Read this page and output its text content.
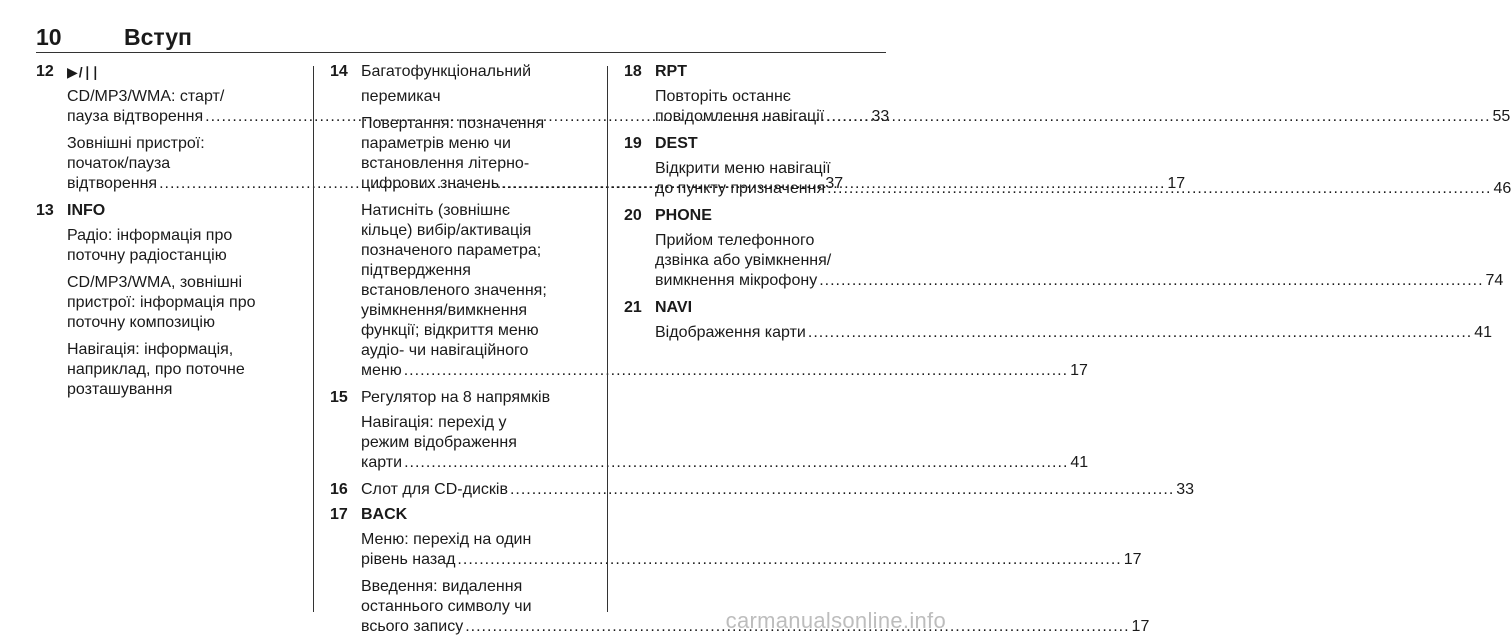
10	Вступ
12 ▶/∣∣
CD/MP3/WMA: старт/
пауза відтворення .....	33
Зовнішні пристрої:
початок/пауза
відтворення .....	37
13 INFO
Радіо: інформація про
поточну радіостанцію
CD/MP3/WMA, зовнішні
пристрої: інформація про
поточну композицію
Навігація: інформація,
наприклад, про поточне
розташування
14 Багатофункціональний
перемикач
Повертання: позначення
параметрів меню чи
встановлення літерно-
цифрових значень .....	17
Натисніть (зовнішнє
кільце) вибір/активація
позначеного параметра;
підтвердження
встановленого значення;
увімкнення/вимкнення
функції; відкриття меню
аудіо- чи навігаційного
меню .....	17
15 Регулятор на 8 напрямків
Навігація: перехід у
режим відображення
карти .....	41
16 Слот для CD-дисків .....	33
17 BACK
Меню: перехід на один
рівень назад .....	17
Введення: видалення
останнього символу чи
всього запису .....	17
18 RPT
Повторіть останнє
повідомлення навігації .....	55
19 DEST
Відкрити меню навігації
до пункту призначення .....	46
20 PHONE
Прийом телефонного
дзвінка або увімкнення/
вимкнення мікрофону .....	74
21 NAVI
Відображення карти .....	41
carmanualsonline.info
